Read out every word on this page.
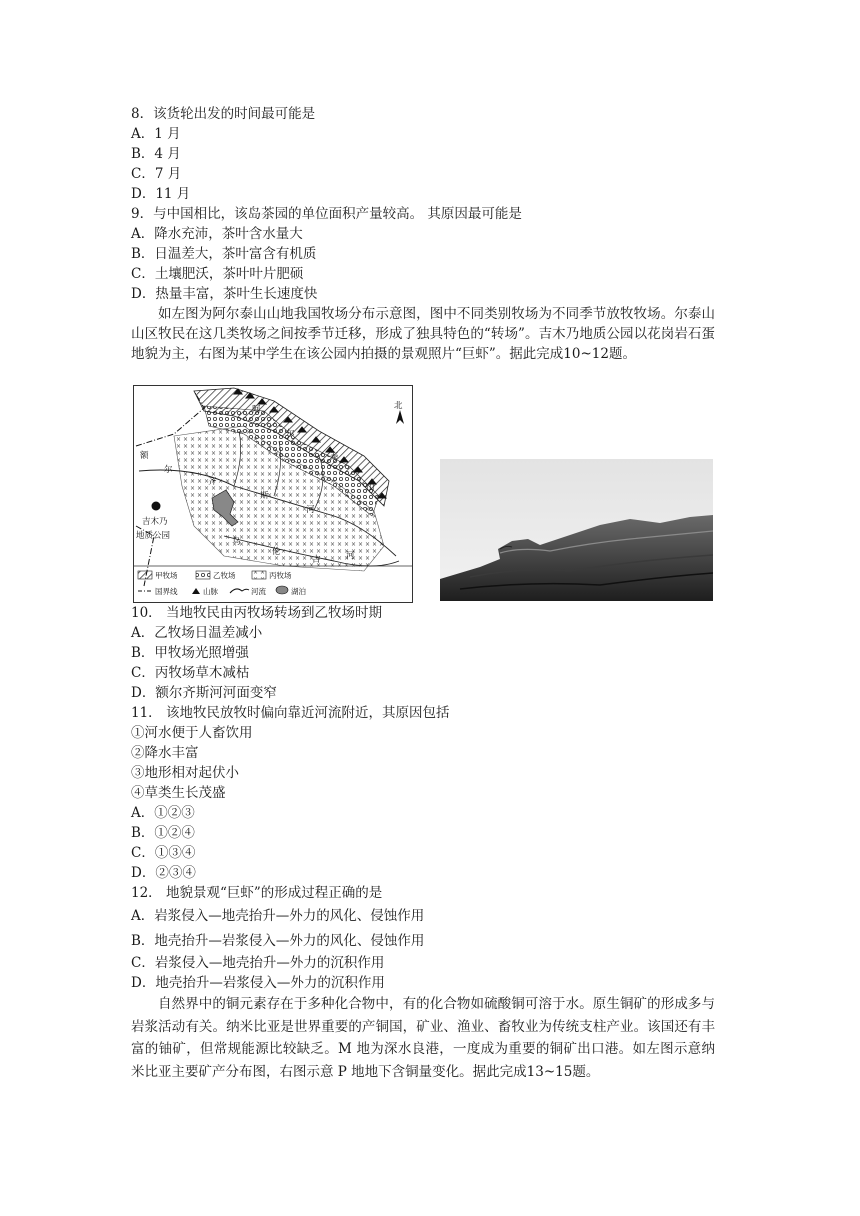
8．该货轮出发的时间最可能是
A．1 月
B．4 月
C．7 月
D．11 月
9．与中国相比，该岛茶园的单位面积产量较高。 其原因最可能是
A．降水充沛，茶叶含水量大
B．日温差大，茶叶富含有机质
C．土壤肥沃，茶叶叶片肥硕
D．热量丰富，茶叶生长速度快
如左图为阿尔泰山山地我国牧场分布示意图，图中不同类别牧场为不同季节放牧牧场。尔泰山山区牧民在这几类牧场之间按季节迁移，形成了独具特色的“转场”。吉木乃地质公园以花岗岩石蛋地貌为主，右图为某中学生在该公园内拍摄的景观照片“巨虾”。据此完成10~12题。
北
阿
尔
泰
山
额
尔
齐
斯
河
乌
伦
古	河
吉木乃
地质公园
甲牧场	乙牧场	丙牧场
国界线	山脉	河流	湖泊
10． 当地牧民由丙牧场转场到乙牧场时期
A．乙牧场日温差减小
B．甲牧场光照增强
C．丙牧场草木减枯
D．额尔齐斯河河面变窄
11． 该地牧民放牧时偏向靠近河流附近，其原因包括
①河水便于人畜饮用
②降水丰富
③地形相对起伏小
④草类生长茂盛
A．①②③
B．①②④
C．①③④
D．②③④
12． 地貌景观“巨虾”的形成过程正确的是
A．岩浆侵入—地壳抬升—外力的风化、侵蚀作用
B．地壳抬升—岩浆侵入—外力的风化、侵蚀作用
C．岩浆侵入—地壳抬升—外力的沉积作用
D．地壳抬升—岩浆侵入—外力的沉积作用
自然界中的铜元素存在于多种化合物中，有的化合物如硫酸铜可溶于水。原生铜矿的形成多与岩浆活动有关。纳米比亚是世界重要的产铜国，矿业、渔业、畜牧业为传统支柱产业。该国还有丰富的铀矿，但常规能源比较缺乏。M 地为深水良港，一度成为重要的铜矿出口港。如左图示意纳米比亚主要矿产分布图，右图示意 P 地地下含铜量变化。据此完成13~15题。
